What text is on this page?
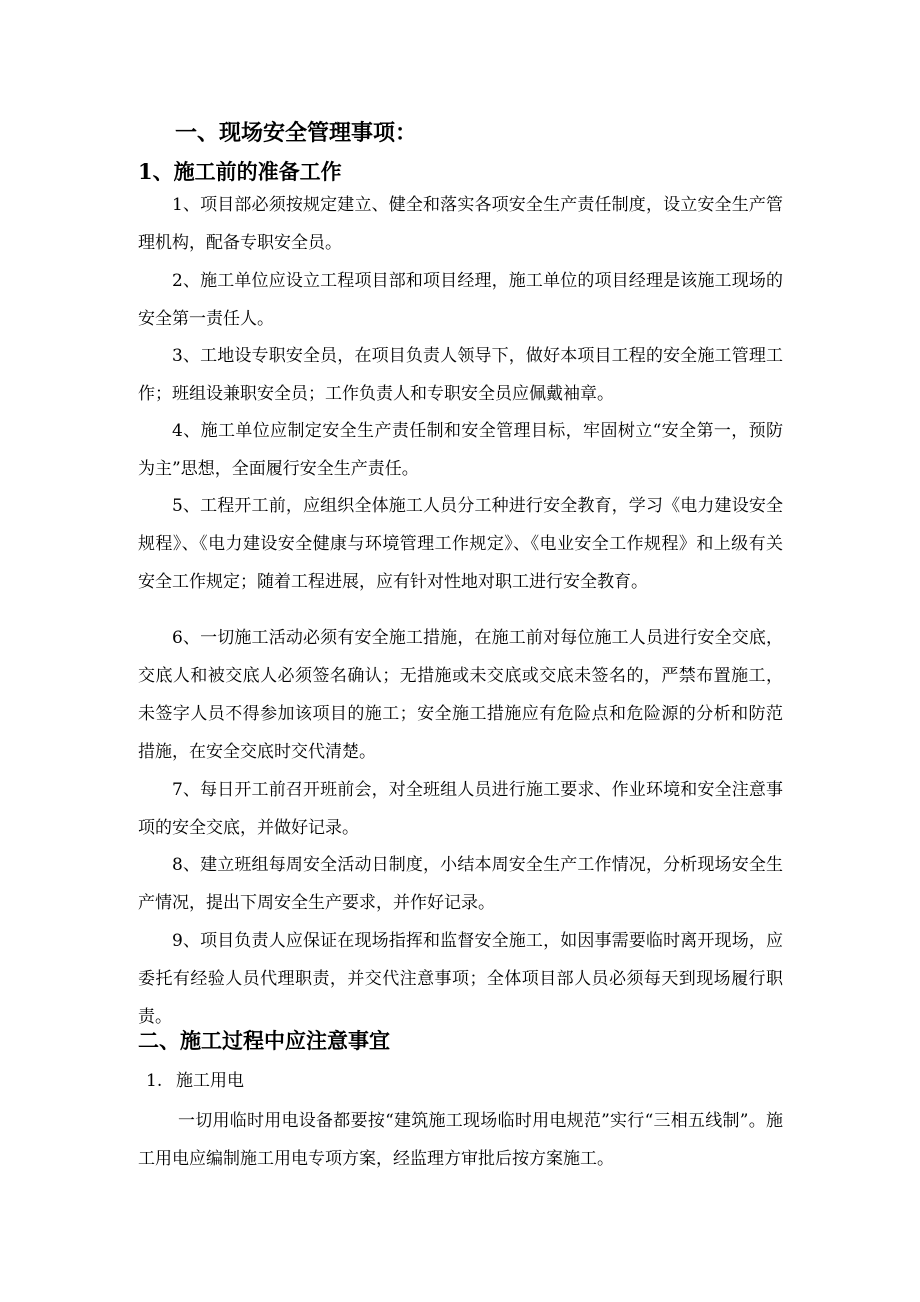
一、现场安全管理事项：
1、施工前的准备工作

1、项目部必须按规定建立、健全和落实各项安全生产责任制度，设立安全生产管理机构，配备专职安全员。

2、施工单位应设立工程项目部和项目经理，施工单位的项目经理是该施工现场的安全第一责任人。

3、工地设专职安全员，在项目负责人领导下，做好本项目工程的安全施工管理工作；班组设兼职安全员；工作负责人和专职安全员应佩戴袖章。

4、施工单位应制定安全生产责任制和安全管理目标，牢固树立“安全第一，预防为主”思想，全面履行安全生产责任。

5、工程开工前，应组织全体施工人员分工种进行安全教育，学习《电力建设安全规程》、《电力建设安全健康与环境管理工作规定》、《电业安全工作规程》和上级有关安全工作规定；随着工程进展，应有针对性地对职工进行安全教育。

6、一切施工活动必须有安全施工措施，在施工前对每位施工人员进行安全交底，交底人和被交底人必须签名确认；无措施或未交底或交底未签名的，严禁布置施工，未签字人员不得参加该项目的施工；安全施工措施应有危险点和危险源的分析和防范措施，在安全交底时交代清楚。

7、每日开工前召开班前会，对全班组人员进行施工要求、作业环境和安全注意事项的安全交底，并做好记录。

8、建立班组每周安全活动日制度，小结本周安全生产工作情况，分析现场安全生产情况，提出下周安全生产要求，并作好记录。

9、项目负责人应保证在现场指挥和监督安全施工，如因事需要临时离开现场，应委托有经验人员代理职责，并交代注意事项；全体项目部人员必须每天到现场履行职责。

二、施工过程中应注意事宜
1. 施工用电

一切用临时用电设备都要按“建筑施工现场临时用电规范”实行“三相五线制”。施工用电应编制施工用电专项方案，经监理方审批后按方案施工。
